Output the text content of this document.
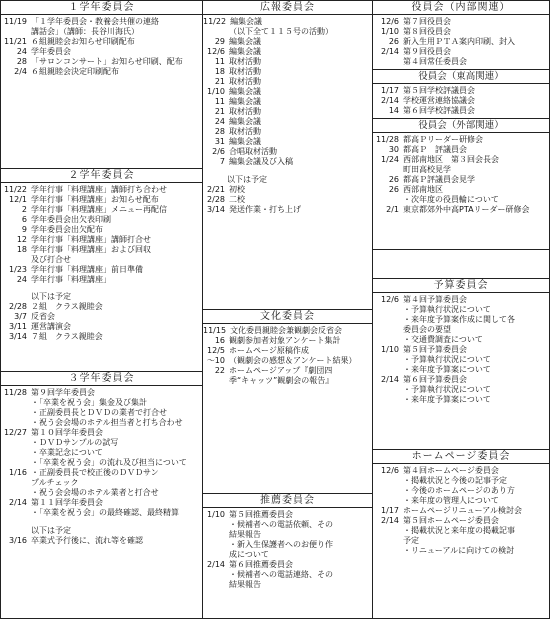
１学年委員会
11/19 「１学年委員会・教養会共催の連絡
講話会」（講師：長谷川海氏）
11/21 ６組親睦会お知らせ印刷配布
24 学年委員会
28 「サロンコンサート」お知らせ印刷、配布
2/4 ６組親睦会決定印刷配布
２学年委員会
11/22 学年行事「料理講座」講師打ち合わせ
12/1 学年行事「料理講座」お知らせ配布
2 学年行事「料理講座」メニュー再配信
6 学年委員会出欠表印刷
9 学年委員会出欠配布
12 学年行事「料理講座」講師打合せ
18 学年行事「料理講座」および回収
及び打合せ
1/23 学年行事「料理講座」前日準備
24 学年行事「料理講座」
以下は予定
2/28 ２組　クラス親睦会
3/7 反省会
3/11 運営講演会
3/14 ７組　クラス親睦会
３学年委員会
11/28 第９回学年委員会
・「卒業を祝う会」集金及び集計
・正副委員長とＤＶＤの業者で打合せ
・祝う会会場のホテル担当者と打ち合わせ
12/27 第１０回学年委員会
・ＤＶＤサンプルの試写
・卒業記念について
・「卒業を祝う会」の流れ及び担当について
1/16 ・正副委員長で校正後のＤＶＤサン
プルチェック
・祝う会会場のホテル業者と打合せ
2/14 第１１回学年委員会
・「卒業を祝う会」の最終確認、最終精算
以下は予定
3/16 卒業式予行後に、流れ等を確認
広報委員会
11/22 編集会議
（以下全て１１５号の活動）
29 編集会議
12/6 編集会議
11 取材活動
18 取材活動
21 取材活動
1/10 編集会議
11 編集会議
21 取材活動
24 編集会議
28 取材活動
31 編集会議
2/6 合唱取材活動
7 編集会議及び入稿
以下は予定
2/21 初校
2/28 二校
3/14 発送作業・打ち上げ
文化委員会
11/15 文化委員親睦会兼観劇会反省会
16 観劇参加者対象アンケート集計
12/5 ホームページ原稿作成
～10 （観劇会の感想＆アンケート結果）
22 ホームページアップ『劇団四
季“キャッツ”観劇会の報告』
推薦委員会
1/10 第５回推薦委員会
・候補者への電話依頼、その
結果報告
・新入生保護者へのお便り作
成について
2/14 第６回推薦委員会
・候補者への電話連絡、その
結果報告
役員会（内部関連）
12/6 第７回役員会
1/10 第８回役員会
26 新入生用ＰＴＡ案内印刷、封入
2/14 第９回役員会
第４回常任委員会
役員会（東高関連）
1/17 第５回学校評議員会
2/14 学校運営連絡協議会
14 第６回学校評議員会
役員会（外部関連）
11/28 都高Ｐリーダー研修会
30 都高Ｐ　評議員会
1/24 西部南地区　第３回会長会
町田高校見学
26 都高Ｐ評議員会見学
26 西部南地区
・次年度の役員輪について
2/1 東京都郊外中高PTAリーダー研修会
予算委員会
12/6 第４回予算委員会
・予算執行状況について
・来年度予算案作成に関して各
委員会の要望
・交通費調査について
1/10 第５回予算委員会
・予算執行状況について
・来年度予算案について
2/14 第６回予算委員会
・予算執行状況について
・来年度予算案について
ホームページ委員会
12/6 第４回ホームページ委員会
・掲載状況と今後の記事予定
・今後のホームページのあり方
・来年度の管理人について
1/17 ホームページリニューアル検討会
2/14 第５回ホームページ委員会
・掲載状況と来年度の掲載記事
予定
・リニューアルに向けての検討
